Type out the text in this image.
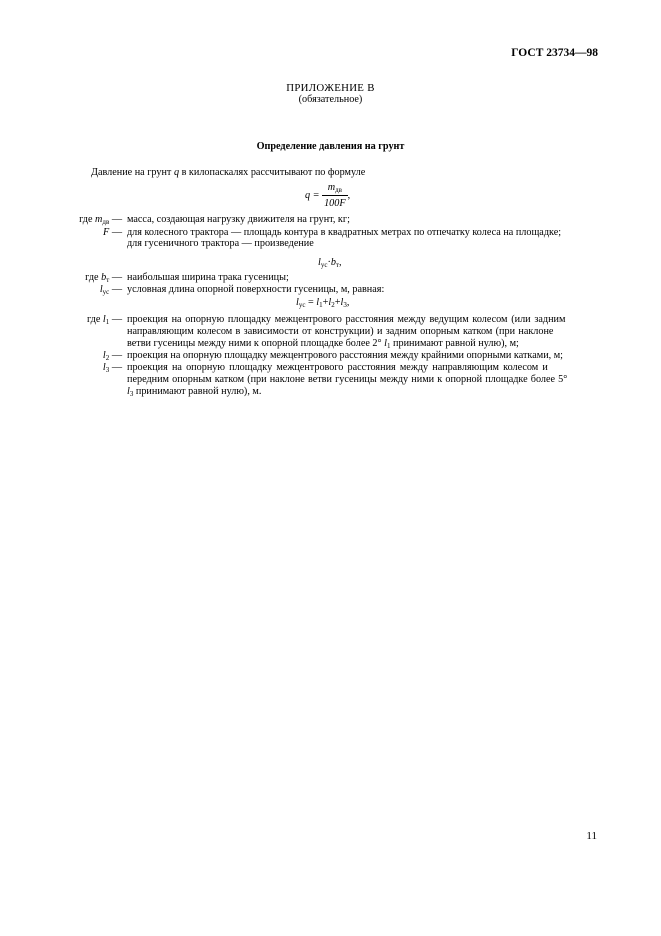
ГОСТ 23734—98
ПРИЛОЖЕНИЕ В
(обязательное)
Определение давления на грунт
Давление на грунт q в килопаскалях рассчитывают по формуле
$q = \frac{m_{дв}}{100F}$ ,
где $m_{дв}$ — масса, создающая нагрузку движителя на грунт, кг;
F — для колесного трактора — площадь контура в квадратных метрах по отпечатку колеса на площадке;
для гусеничного трактора — произведение
$l_{ус}\cdot b_т$,
где $b_т$ — наибольшая ширина трака гусеницы;
$l_{ус}$ — условная длина опорной поверхности гусеницы, м, равная:
$l_{ус} = l_1+l_2+l_3$,
где $l_1$ — проекция на опорную площадку межцентрового расстояния между ведущим колесом (или задним
направляющим колесом в зависимости от конструкции) и задним опорным катком (при наклоне
ветви гусеницы между ними к опорной площадке более 2° $l_1$ принимают равной нулю), м;
$l_2$ — проекция на опорную площадку межцентрового расстояния между крайними опорными катками, м;
$l_3$ — проекция на опорную площадку межцентрового расстояния между направляющим колесом и
передним опорным катком (при наклоне ветви гусеницы между ними к опорной площадке более 5°
$l_3$ принимают равной нулю), м.
11
